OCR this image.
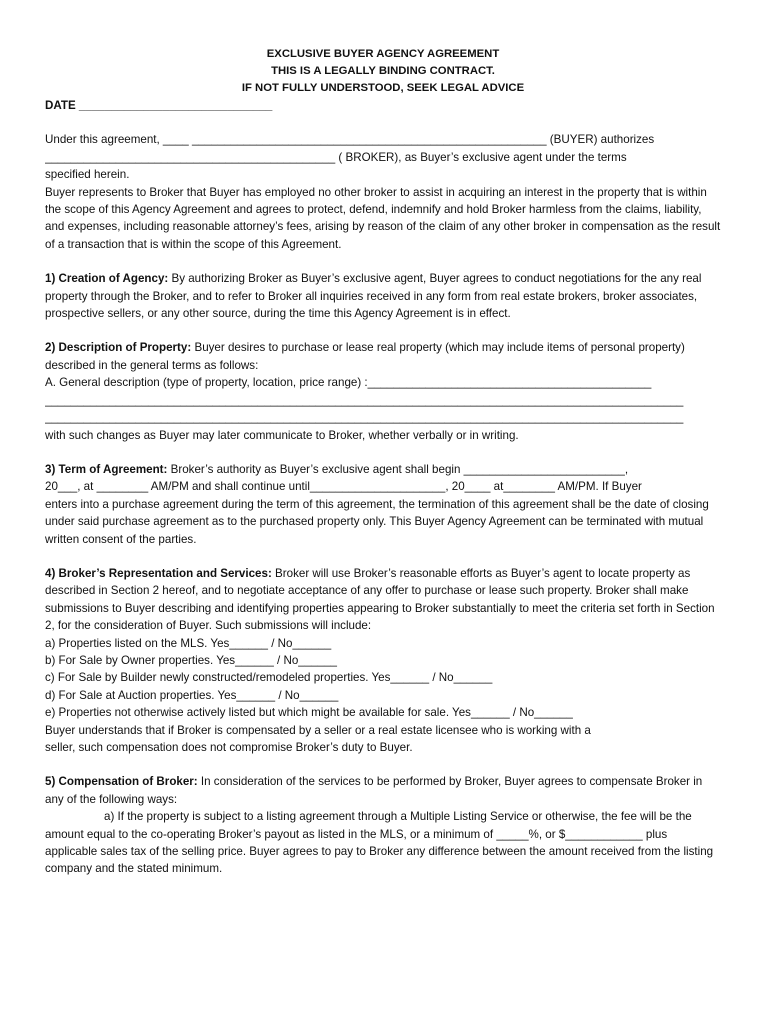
EXCLUSIVE BUYER AGENCY AGREEMENT

THIS IS A LEGALLY BINDING CONTRACT.

IF NOT FULLY UNDERSTOOD, SEEK LEGAL ADVICE

DATE ______________________________

Under this agreement, ____ _______________________________________________________ (BUYER) authorizes

_____________________________________________ ( BROKER), as Buyer’s exclusive agent under the terms

specified herein.

Buyer represents to Broker that Buyer has employed no other broker to assist in acquiring an interest in the property that is within the scope of this Agency Agreement and agrees to protect, defend, indemnify and hold Broker harmless from the claims, liability, and expenses, including reasonable attorney’s fees, arising by reason of the claim of any other broker in compensation as the result of a transaction that is within the scope of this Agreement.

1) Creation of Agency: By authorizing Broker as Buyer’s exclusive agent, Buyer agrees to conduct negotiations for the any real property through the Broker, and to refer to Broker all inquiries received in any form from real estate brokers, broker associates, prospective sellers, or any other source, during the time this Agency Agreement is in effect.

2) Description of Property: Buyer desires to purchase or lease real property (which may include items of personal property) described in the general terms as follows:

A. General description (type of property, location, price range) :____________________________________________

___________________________________________________________________________________________________

___________________________________________________________________________________________________

with such changes as Buyer may later communicate to Broker, whether verbally or in writing.

3) Term of Agreement: Broker’s authority as Buyer’s exclusive agent shall begin _________________________,

20___, at ________ AM/PM and shall continue until_____________________, 20____ at________ AM/PM. If Buyer

enters into a purchase agreement during the term of this agreement, the termination of this agreement shall be the date of closing under said purchase agreement as to the purchased property only. This Buyer Agency Agreement can be terminated with mutual written consent of the parties.

4) Broker’s Representation and Services: Broker will use Broker’s reasonable efforts as Buyer’s agent to locate property as described in Section 2 hereof, and to negotiate acceptance of any offer to purchase or lease such property. Broker shall make submissions to Buyer describing and identifying properties appearing to Broker substantially to meet the criteria set forth in Section 2, for the consideration of Buyer. Such submissions will include:

a) Properties listed on the MLS. Yes______ / No______

b) For Sale by Owner properties. Yes______ / No______

c) For Sale by Builder newly constructed/remodeled properties. Yes______ / No______

d) For Sale at Auction properties. Yes______ / No______

e) Properties not otherwise actively listed but which might be available for sale. Yes______ / No______

Buyer understands that if Broker is compensated by a seller or a real estate licensee who is working with a

seller, such compensation does not compromise Broker’s duty to Buyer.

5) Compensation of Broker: In consideration of the services to be performed by Broker, Buyer agrees to compensate Broker in any of the following ways:

a) If the property is subject to a listing agreement through a Multiple Listing Service or otherwise, the fee will be the amount equal to the co-operating Broker’s payout as listed in the MLS, or a minimum of _____%, or $____________ plus applicable sales tax of the selling price. Buyer agrees to pay to Broker any difference between the amount received from the listing company and the stated minimum.
